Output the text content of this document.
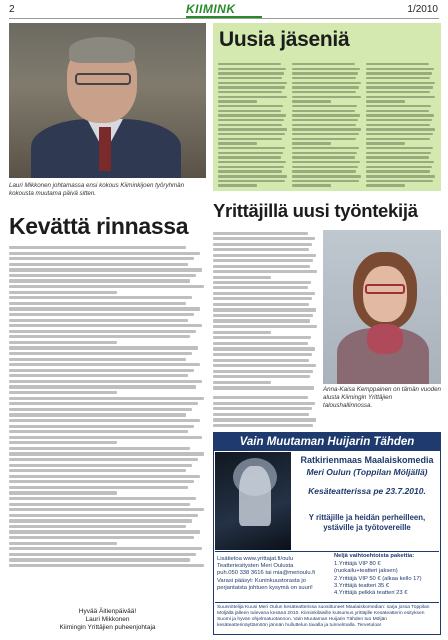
2	KIIMINK	1/2010
Lauri Mikkonen johtamassa ensi kokous Kiiminkijoen työryhmän kokousta muutama päivä sitten.
Kevättä rinnassa
Hyvää Äitienpäivää!
Lauri Mikkonen
Kiimingin Yrittäjien puheenjohtaja
Uusia jäseniä
Yrittäjillä uusi työntekijä
Anna-Kaisa Kemppainen on tämän vuoden alusta Kiimingin Yrittäjien taloushallinnossa.
Vain Muutaman Huijarin Tähden
Ratkirienmaas Maalaiskomedia
Meri Oulun (Toppilan Möljällä)
Kesäteatterissa pe 23.7.2010.
Y rittäjille ja heidän perheilleen, ystäville ja työtovereille
Lisätietoa www.yrittajat.fi/oulu
Teatteriesitysten Meri Oulusta
puh.050 338 3616 tai mia@merioulu.fi
Varasi pääsyt: Kuninkuustorasta jo
perjantaista johtuen kysymä on suuri!
Neljä vaihtoehtoista pakettia:
1.Yrittäjä VIP 80 €
(ruokailu+teatteri jaksen)
2.Yrittäjä VIP 50 € (alkaa kello 17)
3.Yrittäjä teatteri 35 €
4.Yrittäjä pelkkä teatteri 23 €
Suunnittelija Kuusi Meri Oulun kesäteatterissa suosittuneet Maalaiskomedian: sarja jossa Toppilan Möljällä jälleen tulevana kesänä 2010. Kiiminkiläisille kutsumus yrittäjille Kesäteatterin esityksen Suomi ja hyvän ohjelmatuotannon. Vain Muutaman Huijarin Tähden tuo Möljän kesäteatterinäyttämöön jännän hulluttelun tavalla ja tunnelmalla. Tervetuloa!
